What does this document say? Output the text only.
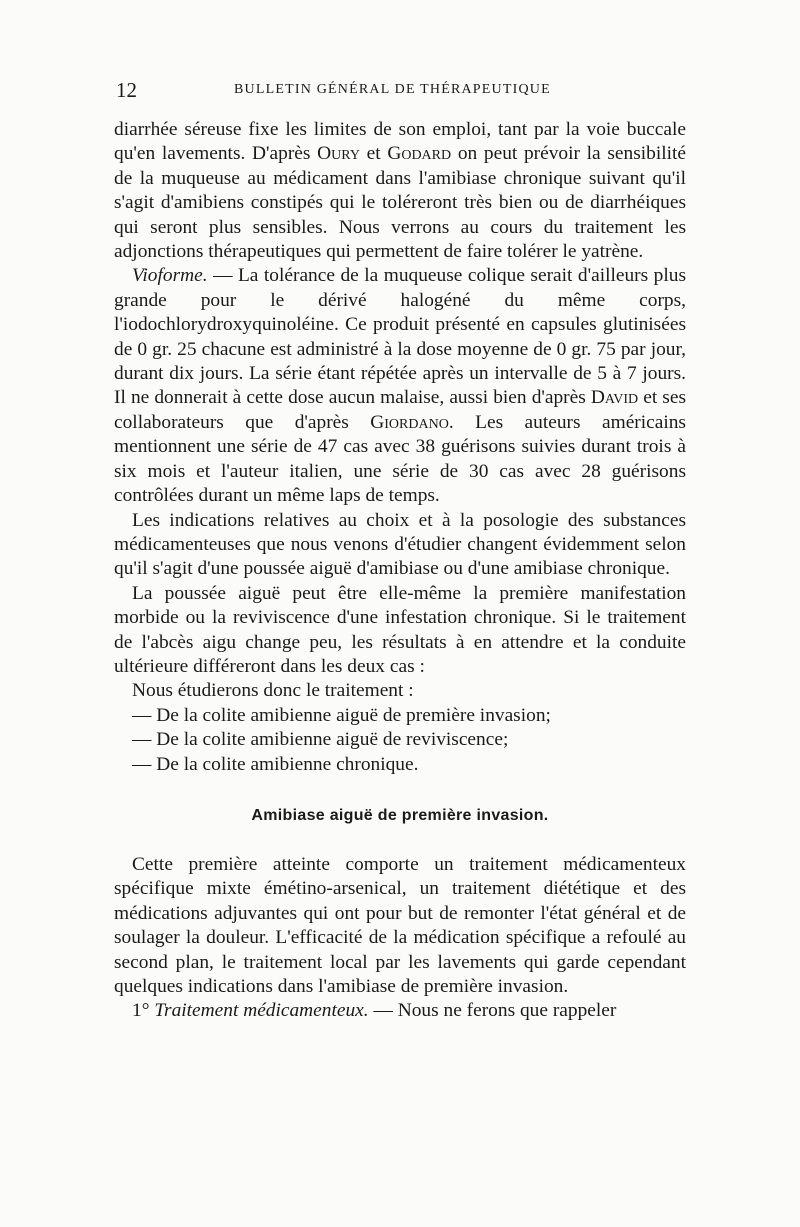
12	BULLETIN GÉNÉRAL DE THÉRAPEUTIQUE

diarrhée séreuse fixe les limites de son emploi, tant par la voie buccale qu'en lavements. D'après Oury et Godard on peut prévoir la sensibilité de la muqueuse au médicament dans l'amibiase chronique suivant qu'il s'agit d'amibiens constipés qui le toléreront très bien ou de diarrhéiques qui seront plus sensibles. Nous verrons au cours du traitement les adjonctions thérapeutiques qui permettent de faire tolérer le yatrène.

Vioforme. — La tolérance de la muqueuse colique serait d'ailleurs plus grande pour le dérivé halogéné du même corps, l'iodochlorydroxyquinoléine. Ce produit présenté en capsules glutinisées de 0 gr. 25 chacune est administré à la dose moyenne de 0 gr. 75 par jour, durant dix jours. La série étant répétée après un intervalle de 5 à 7 jours. Il ne donnerait à cette dose aucun malaise, aussi bien d'après David et ses collaborateurs que d'après Giordano. Les auteurs américains mentionnent une série de 47 cas avec 38 guérisons suivies durant trois à six mois et l'auteur italien, une série de 30 cas avec 28 guérisons contrôlées durant un même laps de temps.

Les indications relatives au choix et à la posologie des substances médicamenteuses que nous venons d'étudier changent évidemment selon qu'il s'agit d'une poussée aiguë d'amibiase ou d'une amibiase chronique.

La poussée aiguë peut être elle-même la première manifestation morbide ou la reviviscence d'une infestation chronique. Si le traitement de l'abcès aigu change peu, les résultats à en attendre et la conduite ultérieure différeront dans les deux cas :

Nous étudierons donc le traitement :

— De la colite amibienne aiguë de première invasion;

— De la colite amibienne aiguë de reviviscence;

— De la colite amibienne chronique.

Amibiase aiguë de première invasion.

Cette première atteinte comporte un traitement médicamenteux spécifique mixte émétino-arsenical, un traitement diététique et des médications adjuvantes qui ont pour but de remonter l'état général et de soulager la douleur. L'efficacité de la médication spécifique a refoulé au second plan, le traitement local par les lavements qui garde cependant quelques indications dans l'amibiase de première invasion.

1° Traitement médicamenteux. — Nous ne ferons que rappeler
